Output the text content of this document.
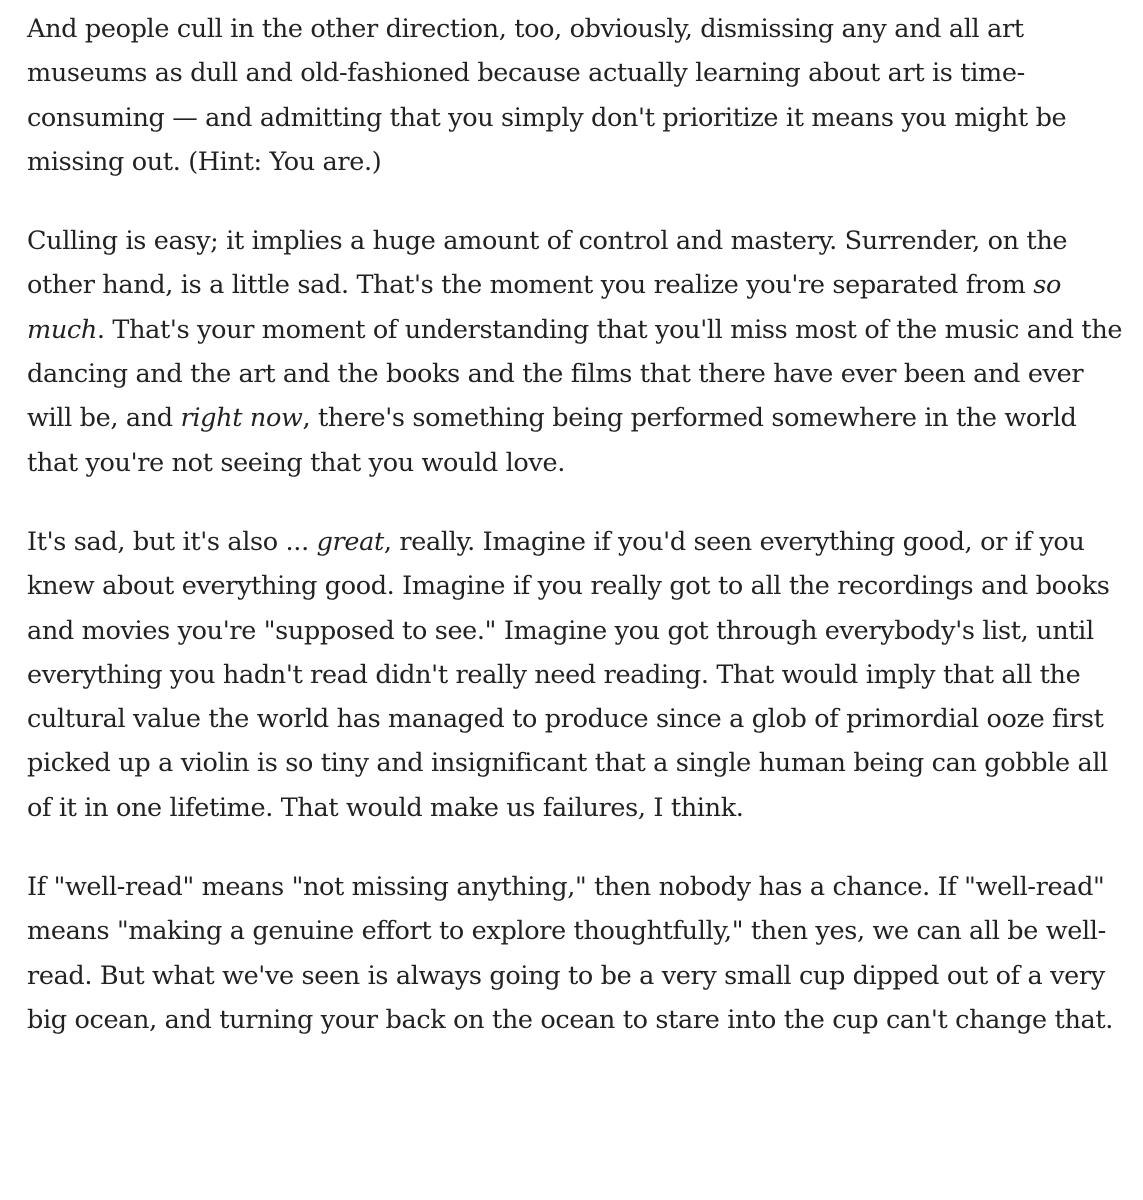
And people cull in the other direction, too, obviously, dismissing any and all art museums as dull and old-fashioned because actually learning about art is time-consuming — and admitting that you simply don't prioritize it means you might be missing out. (Hint: You are.)

Culling is easy; it implies a huge amount of control and mastery. Surrender, on the other hand, is a little sad. That's the moment you realize you're separated from so much. That's your moment of understanding that you'll miss most of the music and the dancing and the art and the books and the films that there have ever been and ever will be, and right now, there's something being performed somewhere in the world that you're not seeing that you would love.

It's sad, but it's also ... great, really. Imagine if you'd seen everything good, or if you knew about everything good. Imagine if you really got to all the recordings and books and movies you're "supposed to see." Imagine you got through everybody's list, until everything you hadn't read didn't really need reading. That would imply that all the cultural value the world has managed to produce since a glob of primordial ooze first picked up a violin is so tiny and insignificant that a single human being can gobble all of it in one lifetime. That would make us failures, I think.

If "well-read" means "not missing anything," then nobody has a chance. If "well-read" means "making a genuine effort to explore thoughtfully," then yes, we can all be well-read. But what we've seen is always going to be a very small cup dipped out of a very big ocean, and turning your back on the ocean to stare into the cup can't change that.
